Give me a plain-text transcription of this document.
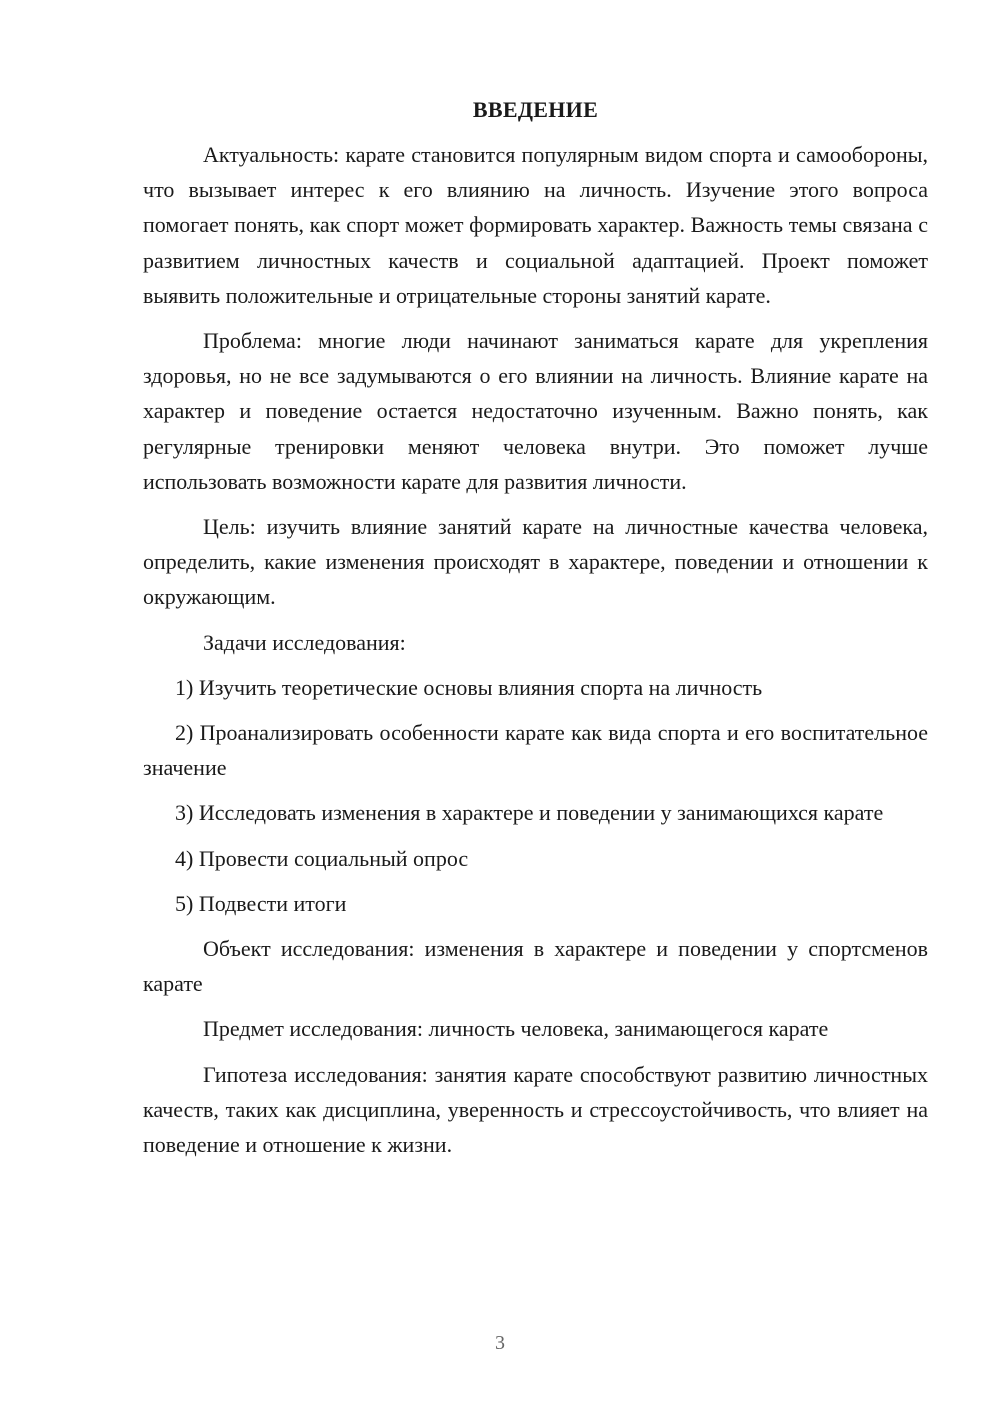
ВВЕДЕНИЕ

Актуальность: карате становится популярным видом спорта и самообороны, что вызывает интерес к его влиянию на личность. Изучение этого вопроса помогает понять, как спорт может формировать характер. Важность темы связана с развитием личностных качеств и социальной адаптацией. Проект поможет выявить положительные и отрицательные стороны занятий карате.

Проблема: многие люди начинают заниматься карате для укрепления здоровья, но не все задумываются о его влиянии на личность. Влияние карате на характер и поведение остается недостаточно изученным. Важно понять, как регулярные тренировки меняют человека внутри. Это поможет лучше использовать возможности карате для развития личности.

Цель: изучить влияние занятий карате на личностные качества человека, определить, какие изменения происходят в характере, поведении и отношении к окружающим.

Задачи исследования:

1) Изучить теоретические основы влияния спорта на личность

2) Проанализировать особенности карате как вида спорта и его воспитательное значение

3) Исследовать изменения в характере и поведении у занимающихся карате

4) Провести социальный опрос

5) Подвести итоги

Объект исследования: изменения в характере и поведении у спортсменов карате

Предмет исследования: личность человека, занимающегося карате

Гипотеза исследования: занятия карате способствуют развитию личностных качеств, таких как дисциплина, уверенность и стрессоустойчивость, что влияет на поведение и отношение к жизни.

3
